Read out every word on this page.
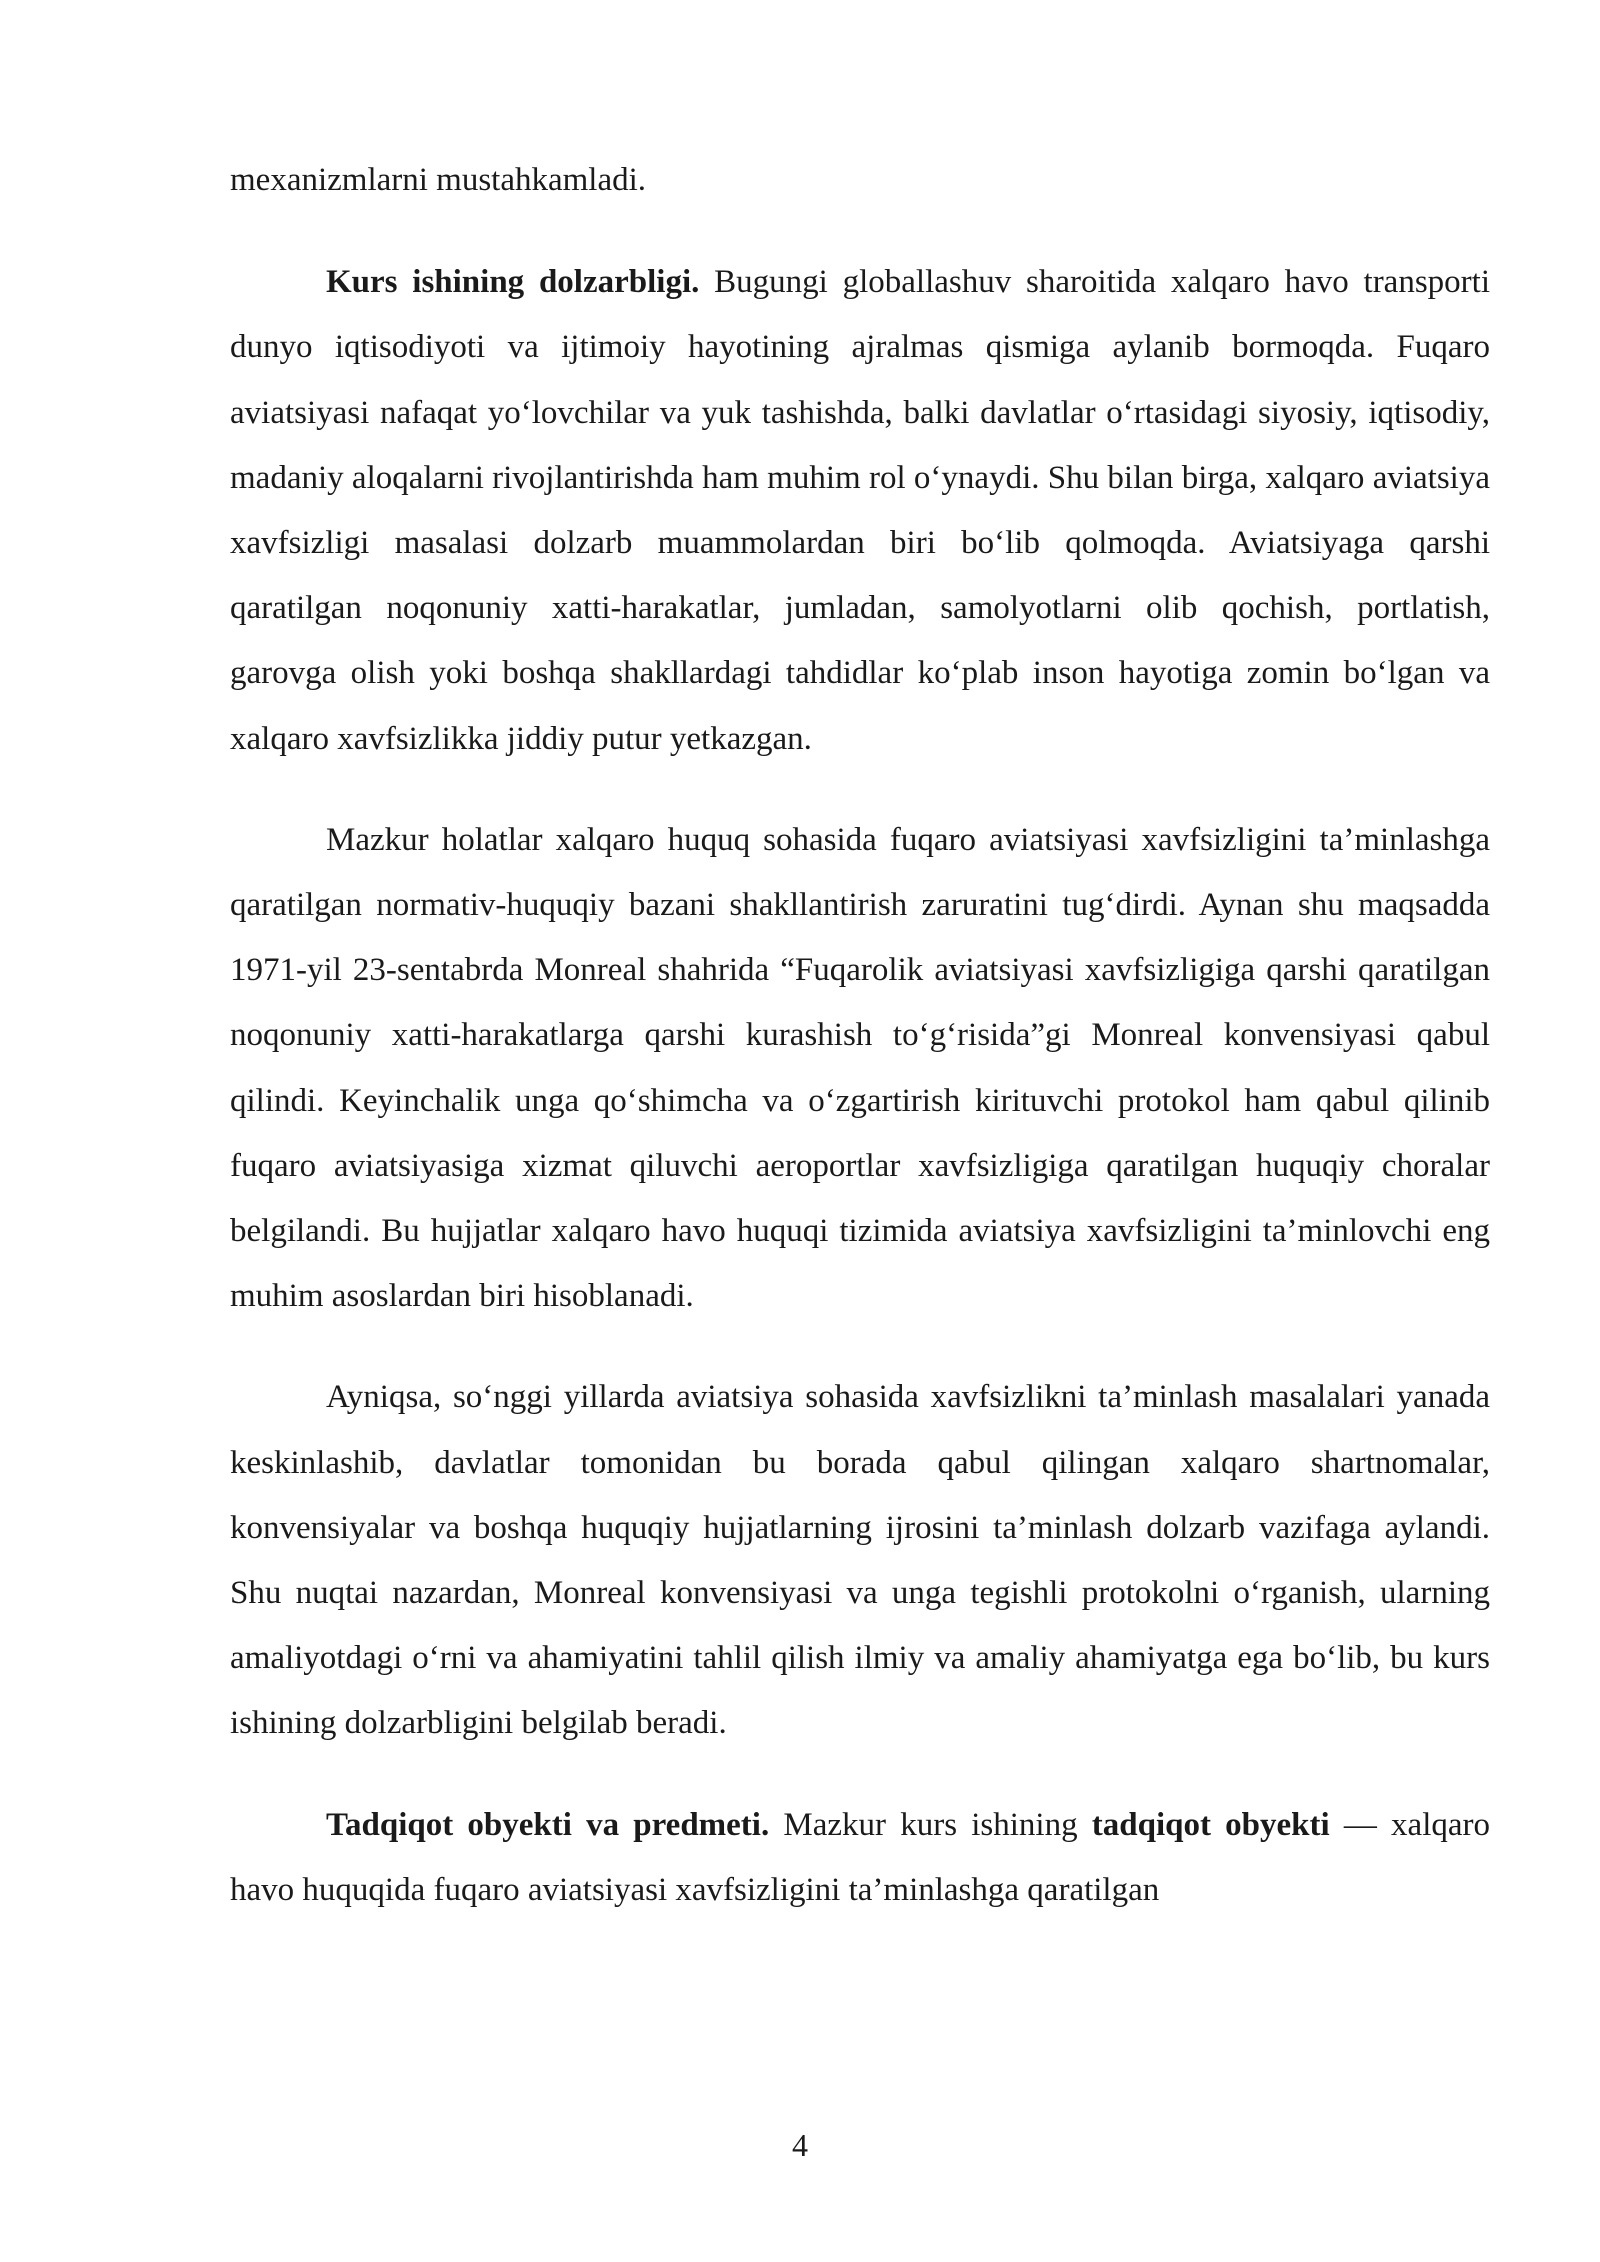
mexanizmlarni mustahkamladi.

Kurs ishining dolzarbligi. Bugungi globallashuv sharoitida xalqaro havo transporti dunyo iqtisodiyoti va ijtimoiy hayotining ajralmas qismiga aylanib bormoqda. Fuqaro aviatsiyasi nafaqat yo‘lovchilar va yuk tashishda, balki davlatlar o‘rtasidagi siyosiy, iqtisodiy, madaniy aloqalarni rivojlantirishda ham muhim rol o‘ynaydi. Shu bilan birga, xalqaro aviatsiya xavfsizligi masalasi dolzarb muammolardan biri bo‘lib qolmoqda. Aviatsiyaga qarshi qaratilgan noqonuniy xatti-harakatlar, jumladan, samolyotlarni olib qochish, portlatish, garovga olish yoki boshqa shakllardagi tahdidlar ko‘plab inson hayotiga zomin bo‘lgan va xalqaro xavfsizlikka jiddiy putur yetkazgan.

Mazkur holatlar xalqaro huquq sohasida fuqaro aviatsiyasi xavfsizligini ta’minlashga qaratilgan normativ-huquqiy bazani shakllantirish zaruratini tug‘dirdi. Aynan shu maqsadda 1971-yil 23-sentabrda Monreal shahrida “Fuqarolik aviatsiyasi xavfsizligiga qarshi qaratilgan noqonuniy xatti-harakatlarga qarshi kurashish to‘g‘risida”gi Monreal konvensiyasi qabul qilindi. Keyinchalik unga qo‘shimcha va o‘zgartirish kirituvchi protokol ham qabul qilinib fuqaro aviatsiyasiga xizmat qiluvchi aeroportlar xavfsizligiga qaratilgan huquqiy choralar belgilandi. Bu hujjatlar xalqaro havo huquqi tizimida aviatsiya xavfsizligini ta’minlovchi eng muhim asoslardan biri hisoblanadi.

Ayniqsa, so‘nggi yillarda aviatsiya sohasida xavfsizlikni ta’minlash masalalari yanada keskinlashib, davlatlar tomonidan bu borada qabul qilingan xalqaro shartnomalar, konvensiyalar va boshqa huquqiy hujjatlarning ijrosini ta’minlash dolzarb vazifaga aylandi. Shu nuqtai nazardan, Monreal konvensiyasi va unga tegishli protokolni o‘rganish, ularning amaliyotdagi o‘rni va ahamiyatini tahlil qilish ilmiy va amaliy ahamiyatga ega bo‘lib, bu kurs ishining dolzarbligini belgilab beradi.

Tadqiqot obyekti va predmeti. Mazkur kurs ishining tadqiqot obyekti — xalqaro havo huquqida fuqaro aviatsiyasi xavfsizligini ta’minlashga qaratilgan

4
